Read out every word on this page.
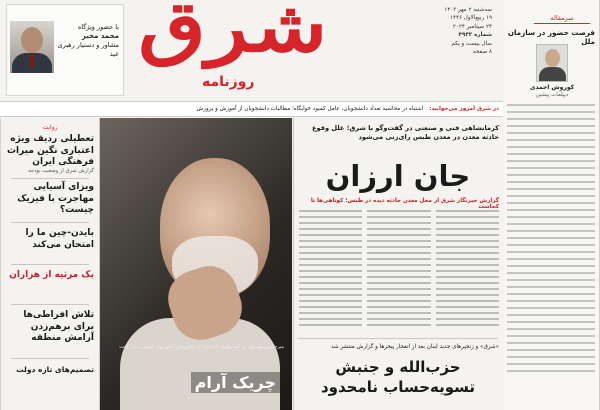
با حضور ویژگاه
محمد مخبر
مشاور و دستیار رهبری عید شرق
روزنامه
سه‌شنبه ۲ مهر ۱۴۰۳
۱۹ ربیع‌الاول ۱۴۴۶
۲۴ سپتامبر ۲۰۲۴
شماره ۴۹۳۲
سال بیست و یکم
۸ صفحه
در شرق امروز می‌خوانید: اشتباه در محاسبه تعداد دانشجویان، عامل کمبود خوابگاه؛ مطالبات دانشجویان از آموزش و پرورش
سرمقاله
فرصت حضور در سازمان ملل
کوروش احمدی
دیپلمات پیشین
روایت
تعطیلی ردیف ویژه اعتباری نگین میراث فرهنگی ایران
گزارش شرق از وضعیت بودجه
ویزای آسیایی مهاجرت با فیزیک چیست؟
بایدن-چین ما را امتحان می‌کند
یک مرثیه از هزاران
تلاش افراطی‌ها برای برهم‌زدن آرامش منطقه
تصمیم‌های تازه دولت
میرحسین موسوی در گفت‌وگوی تازه خود از چالش‌های پیش روی کشور سخن گفت
چریک آرام
کرمانشاهی فنی و صنعتی در گفت‌وگو با شرق؛ علل وقوع حادثه معدن در معدن طبس رای‌زنی می‌شود
جان ارزان
گزارش خبرنگار شرق از محل معدن حادثه دیده در طبس؛ کوتاهی‌ها تا کجاست
«شرق» و زنجیرهای جدید لبنان بعد از انفجار پیجرها و گزارش منتشر شد
حزب‌الله و جنبش
تسویه‌حساب نامحدود
